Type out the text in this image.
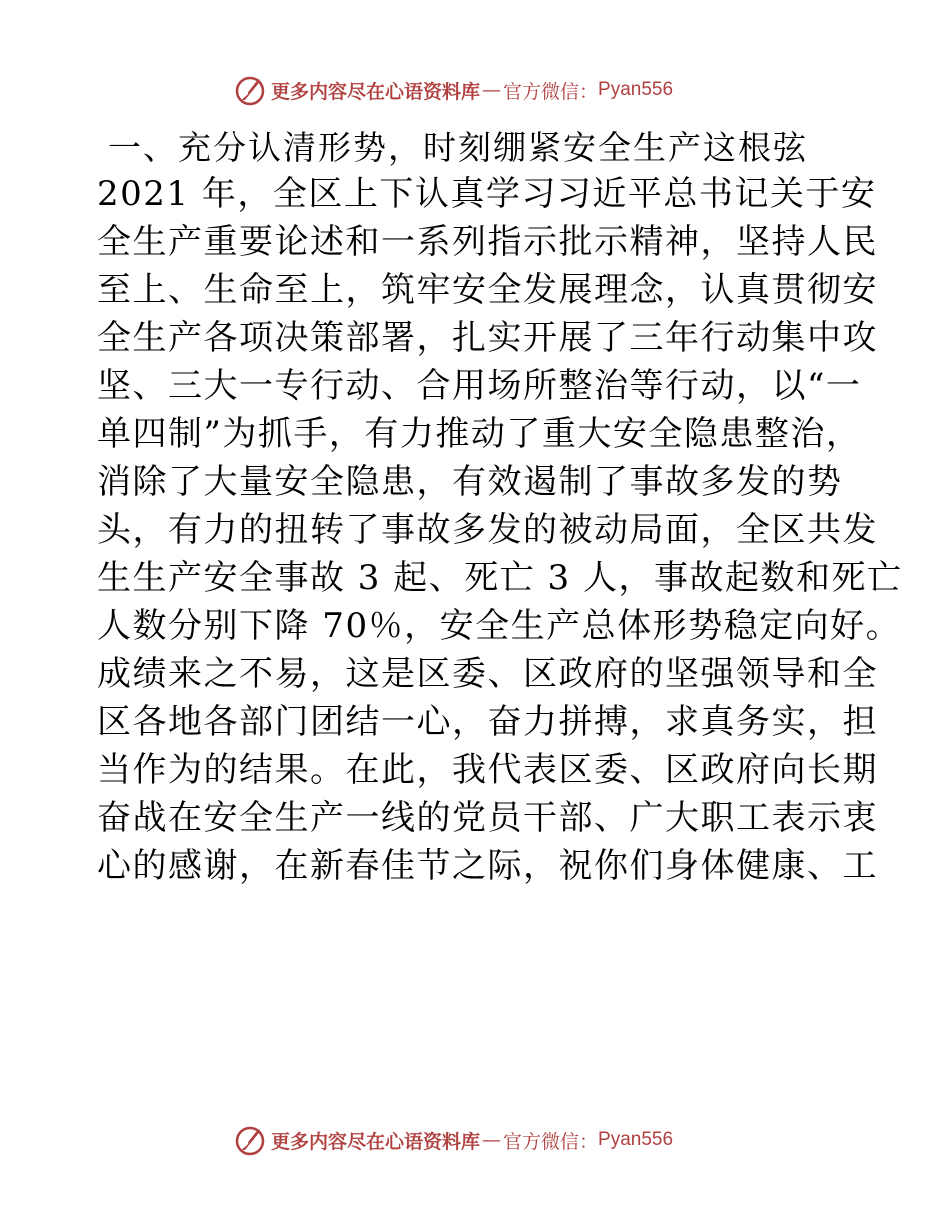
更多内容尽在心语资料库 — 官方微信： Pyan556
一、充分认清形势，时刻绷紧安全生产这根弦
2021 年，全区上下认真学习习近平总书记关于安
全生产重要论述和一系列指示批示精神，坚持人民
至上、生命至上，筑牢安全发展理念，认真贯彻安
全生产各项决策部署，扎实开展了三年行动集中攻
坚、三大一专行动、合用场所整治等行动，以“一
单四制”为抓手，有力推动了重大安全隐患整治，
消除了大量安全隐患，有效遏制了事故多发的势
头，有力的扭转了事故多发的被动局面，全区共发
生生产安全事故 3 起、死亡 3 人，事故起数和死亡
人数分别下降 70％，安全生产总体形势稳定向好。
成绩来之不易，这是区委、区政府的坚强领导和全
区各地各部门团结一心，奋力拼搏，求真务实，担
当作为的结果。在此，我代表区委、区政府向长期
奋战在安全生产一线的党员干部、广大职工表示衷
心的感谢，在新春佳节之际，祝你们身体健康、工
更多内容尽在心语资料库 — 官方微信： Pyan556
